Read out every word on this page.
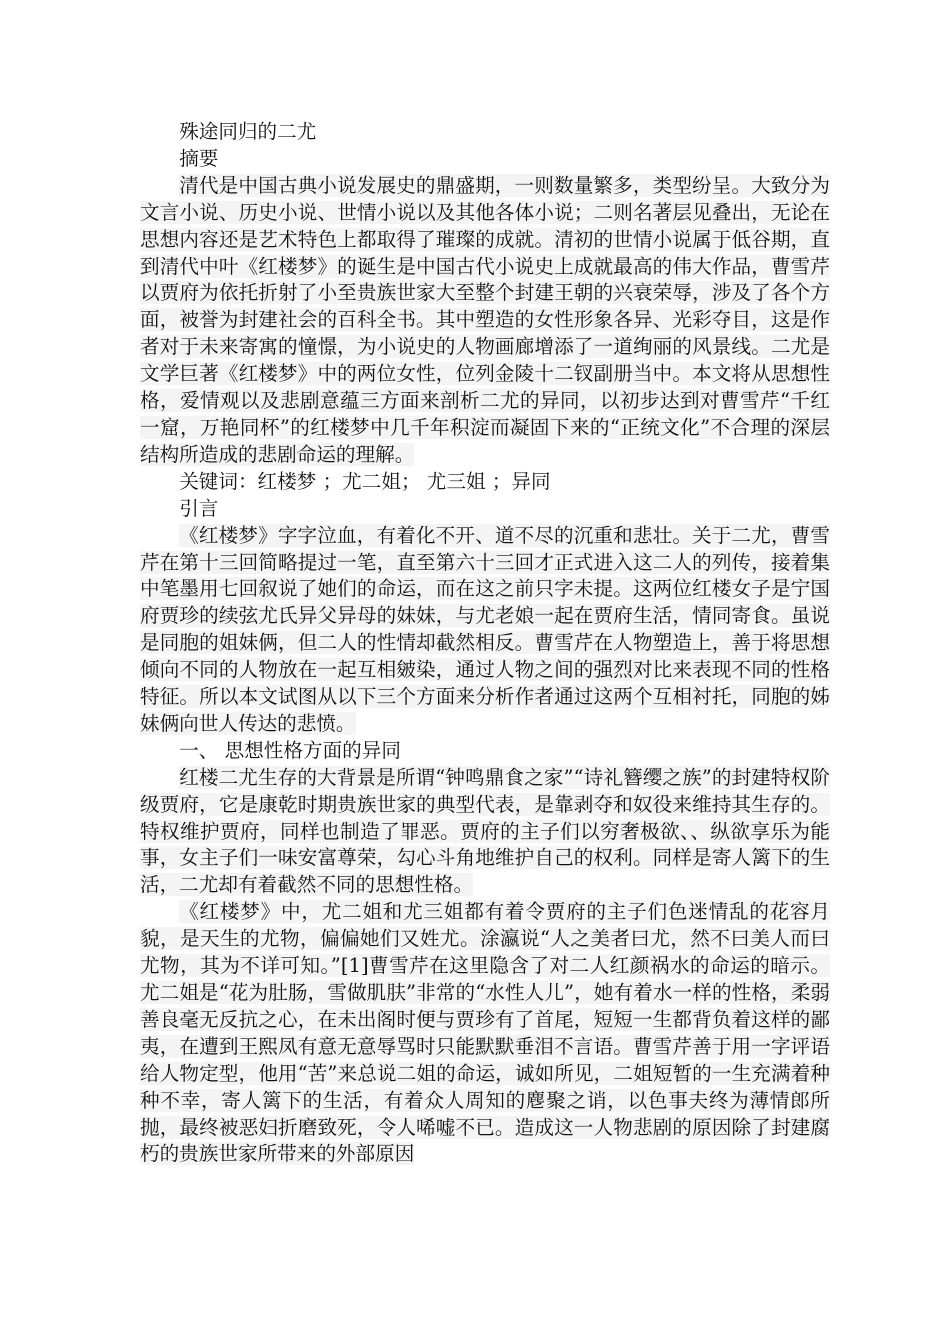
殊途同归的二尤

摘要

清代是中国古典小说发展史的鼎盛期，一则数量繁多，类型纷呈。大致分为文言小说、历史小说、世情小说以及其他各体小说；二则名著层见叠出，无论在思想内容还是艺术特色上都取得了璀璨的成就。清初的世情小说属于低谷期，直到清代中叶《红楼梦》的诞生是中国古代小说史上成就最高的伟大作品，曹雪芹以贾府为依托折射了小至贵族世家大至整个封建王朝的兴衰荣辱，涉及了各个方面，被誉为封建社会的百科全书。其中塑造的女性形象各异、光彩夺目，这是作者对于未来寄寓的憧憬，为小说史的人物画廊增添了一道绚丽的风景线。二尤是文学巨著《红楼梦》中的两位女性，位列金陵十二钗副册当中。本文将从思想性格，爱情观以及悲剧意蕴三方面来剖析二尤的异同，以初步达到对曹雪芹“千红一窟，万艳同杯”的红楼梦中几千年积淀而凝固下来的“正统文化”不合理的深层结构所造成的悲剧命运的理解。

关键词：红楼梦 ；尤二姐； 尤三姐 ；异同

引言

《红楼梦》字字泣血，有着化不开、道不尽的沉重和悲壮。关于二尤，曹雪芹在第十三回简略提过一笔，直至第六十三回才正式进入这二人的列传，接着集中笔墨用七回叙说了她们的命运，而在这之前只字未提。这两位红楼女子是宁国府贾珍的续弦尤氏异父异母的妹妹，与尤老娘一起在贾府生活，情同寄食。虽说是同胞的姐妹俩，但二人的性情却截然相反。曹雪芹在人物塑造上，善于将思想倾向不同的人物放在一起互相皴染，通过人物之间的强烈对比来表现不同的性格特征。所以本文试图从以下三个方面来分析作者通过这两个互相衬托，同胞的姊妹俩向世人传达的悲愤。

一、 思想性格方面的异同

红楼二尤生存的大背景是所谓“钟鸣鼎食之家”“诗礼簪缨之族”的封建特权阶级贾府，它是康乾时期贵族世家的典型代表，是靠剥夺和奴役来维持其生存的。特权维护贾府，同样也制造了罪恶。贾府的主子们以穷奢极欲、、纵欲享乐为能事，女主子们一味安富尊荣，勾心斗角地维护自己的权利。同样是寄人篱下的生活，二尤却有着截然不同的思想性格。

《红楼梦》中，尤二姐和尤三姐都有着令贾府的主子们色迷情乱的花容月貌，是天生的尤物，偏偏她们又姓尤。涂瀛说“人之美者曰尤，然不曰美人而曰尤物，其为不详可知。”[1]曹雪芹在这里隐含了对二人红颜祸水的命运的暗示。尤二姐是“花为肚肠，雪做肌肤”非常的“水性人儿”，她有着水一样的性格，柔弱善良毫无反抗之心，在未出阁时便与贾珍有了首尾，短短一生都背负着这样的鄙夷，在遭到王熙凤有意无意辱骂时只能默默垂泪不言语。曹雪芹善于用一字评语给人物定型，他用“苦”来总说二姐的命运，诚如所见，二姐短暂的一生充满着种种不幸，寄人篱下的生活，有着众人周知的麀聚之诮，以色事夫终为薄情郎所抛，最终被恶妇折磨致死，令人唏嘘不已。造成这一人物悲剧的原因除了封建腐朽的贵族世家所带来的外部原因
